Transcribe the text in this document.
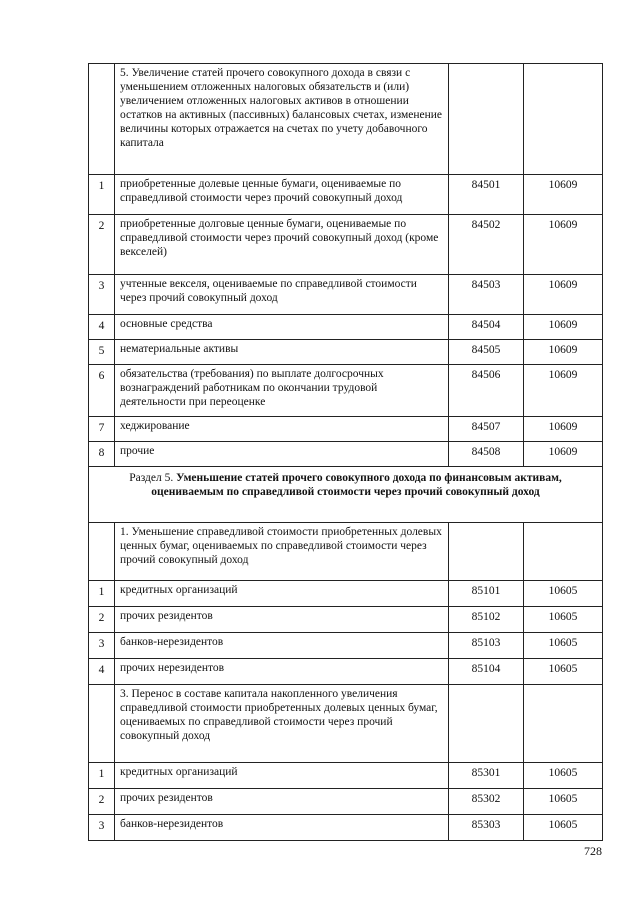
	5. Увеличение статей прочего совокупного дохода в связи с уменьшением отложенных налоговых обязательств и (или) увеличением отложенных налоговых активов в отношении остатков на активных (пассивных) балансовых счетах, изменение величины которых отражается на счетах по учету добавочного капитала		
1	приобретенные долевые ценные бумаги, оцениваемые по справедливой стоимости через прочий совокупный доход	84501	10609
2	приобретенные долговые ценные бумаги, оцениваемые по справедливой стоимости через прочий совокупный доход (кроме векселей)	84502	10609
3	учтенные векселя, оцениваемые по справедливой стоимости через прочий совокупный доход	84503	10609
4	основные средства	84504	10609
5	нематериальные активы	84505	10609
6	обязательства (требования) по выплате долгосрочных вознаграждений работникам по окончании трудовой деятельности при переоценке	84506	10609
7	хеджирование	84507	10609
8	прочие	84508	10609
Раздел 5. Уменьшение статей прочего совокупного дохода по финансовым активам, оцениваемым по справедливой стоимости через прочий совокупный доход			
	1. Уменьшение справедливой стоимости приобретенных долевых ценных бумаг, оцениваемых по справедливой стоимости через прочий совокупный доход		
1	кредитных организаций	85101	10605
2	прочих резидентов	85102	10605
3	банков-нерезидентов	85103	10605
4	прочих нерезидентов	85104	10605
	3. Перенос в составе капитала накопленного увеличения справедливой стоимости приобретенных долевых ценных бумаг, оцениваемых по справедливой стоимости через прочий совокупный доход		
1	кредитных организаций	85301	10605
2	прочих резидентов	85302	10605
3	банков-нерезидентов	85303	10605
728
